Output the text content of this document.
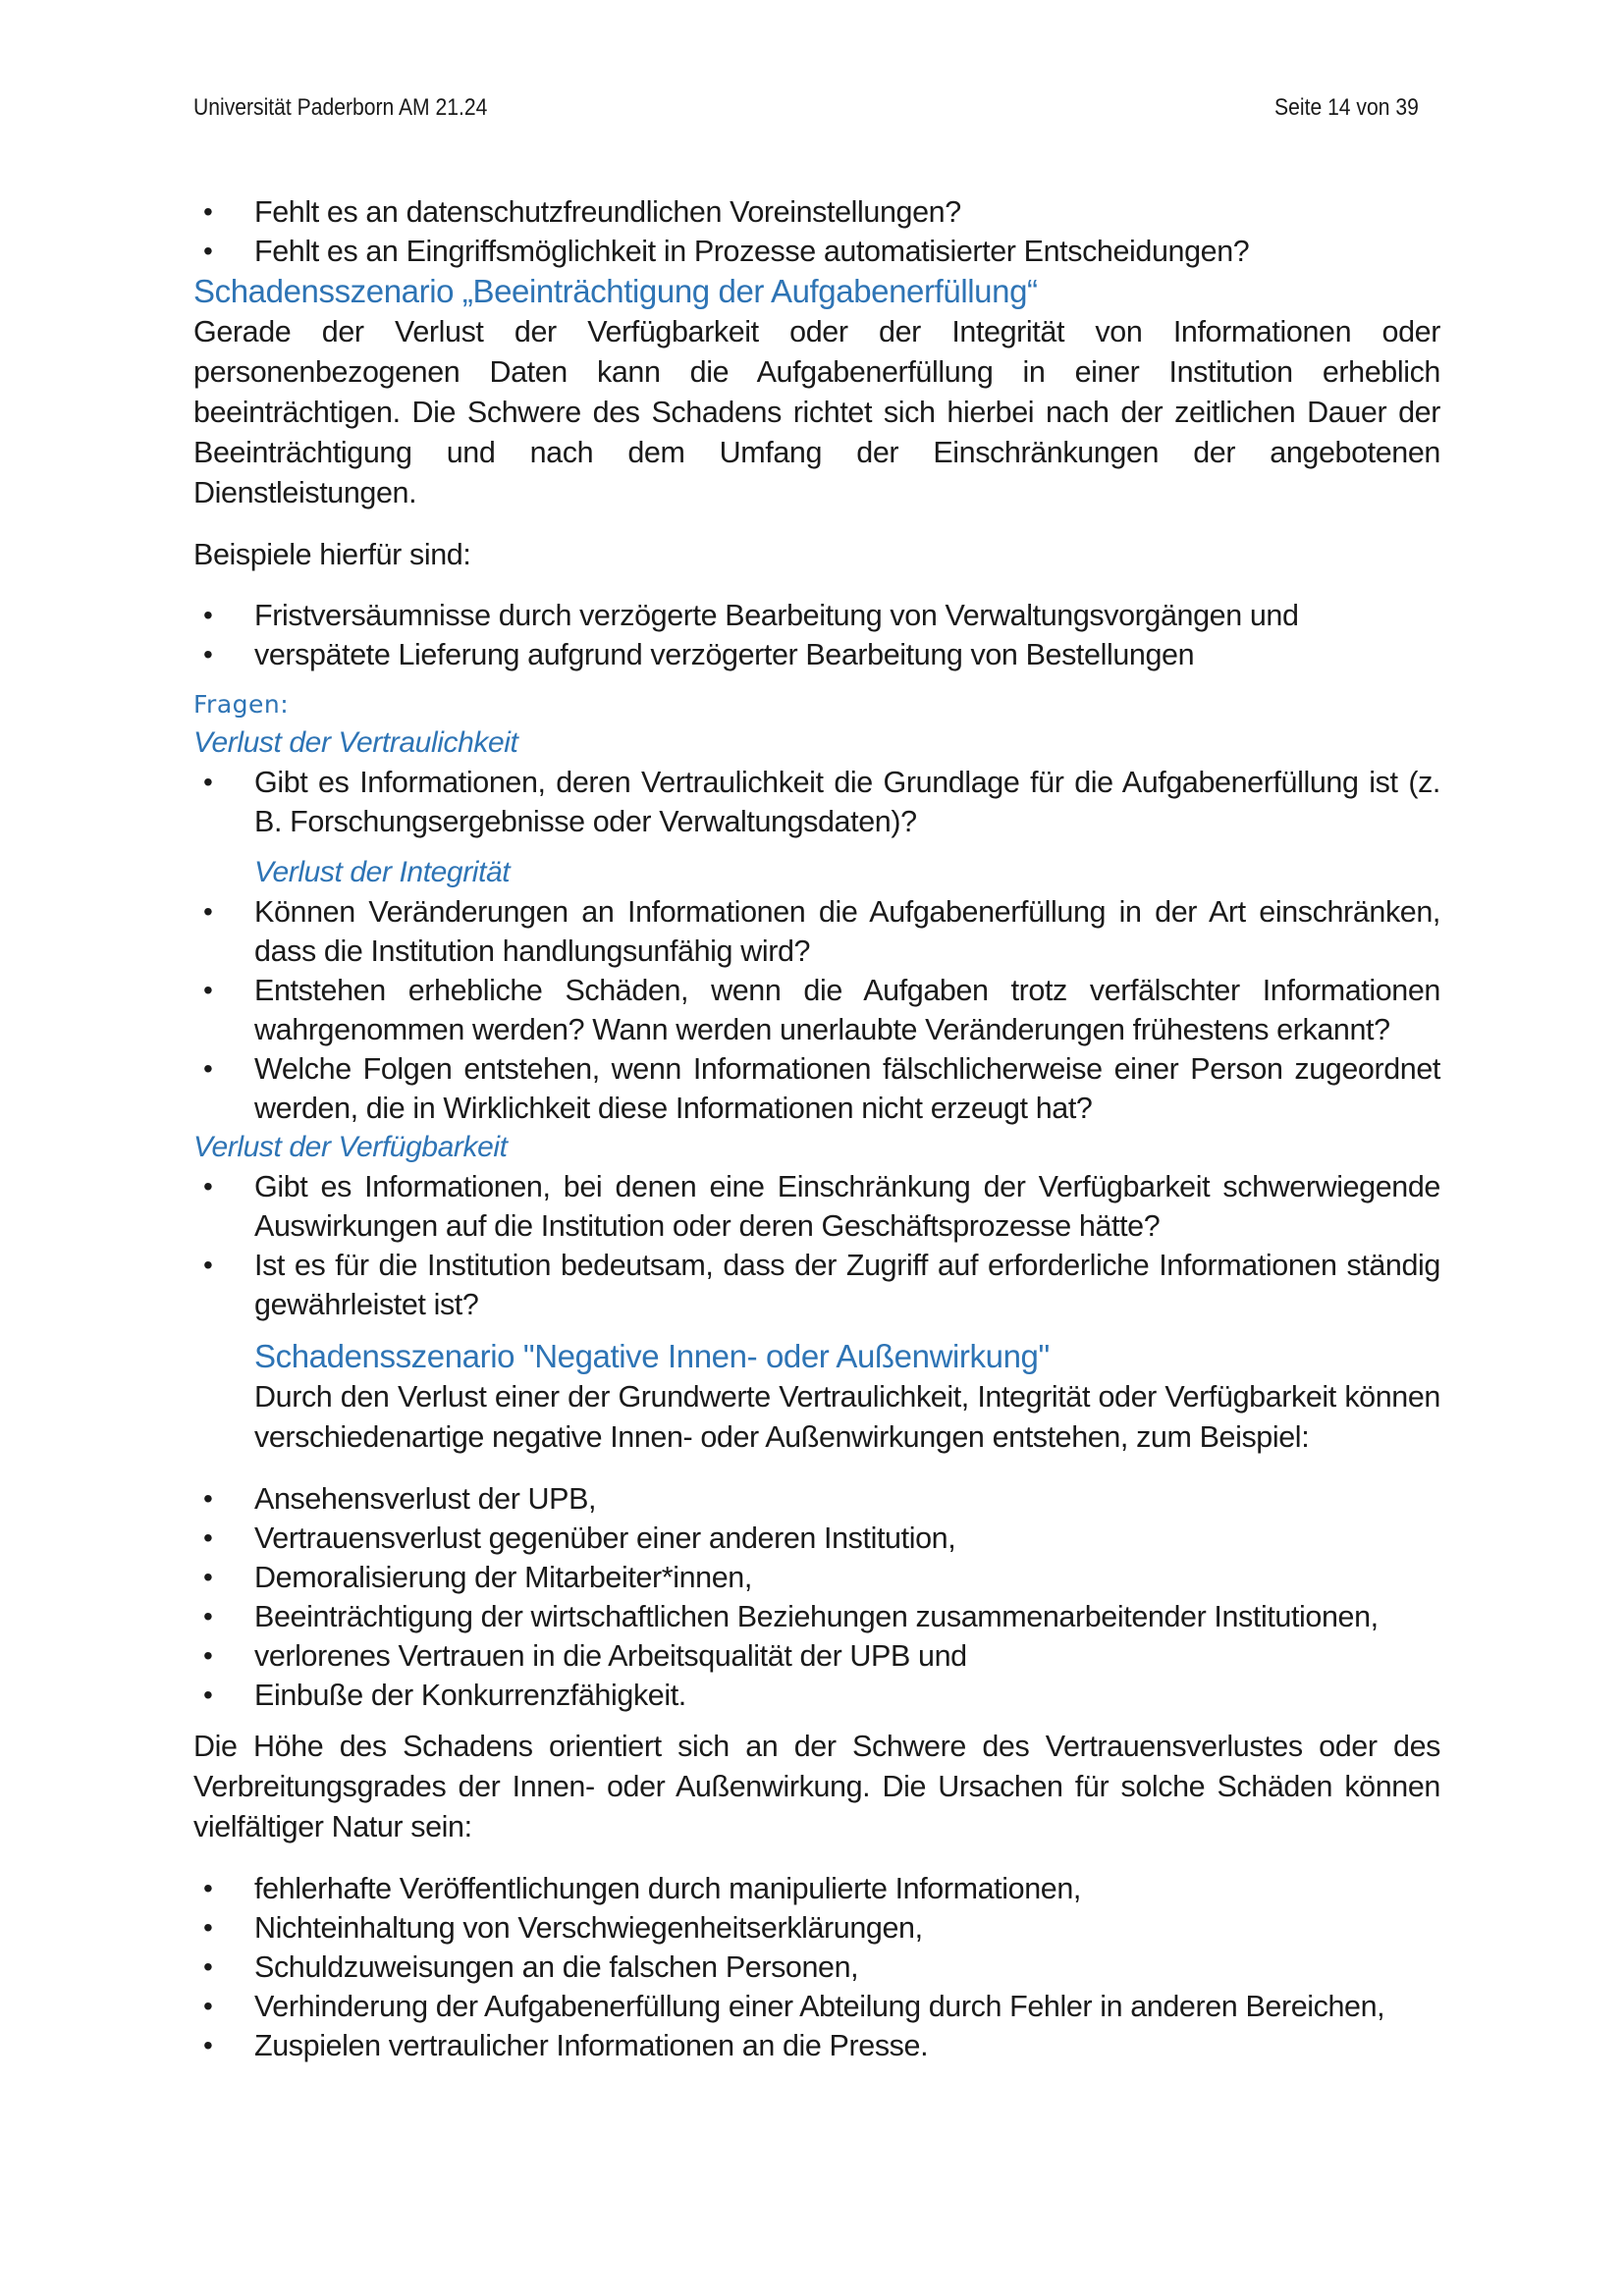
Universität Paderborn AM 21.24	Seite 14 von 39
• Fehlt es an datenschutzfreundlichen Voreinstellungen?
• Fehlt es an Eingriffsmöglichkeit in Prozesse automatisierter Entscheidungen?
Schadensszenario „Beeinträchtigung der Aufgabenerfüllung“

Gerade der Verlust der Verfügbarkeit oder der Integrität von Informationen oder personenbezogenen Daten kann die Aufgabenerfüllung in einer Institution erheblich beeinträchtigen. Die Schwere des Schadens richtet sich hierbei nach der zeitlichen Dauer der Beeinträchtigung und nach dem Umfang der Einschränkungen der angebotenen Dienstleistungen.

Beispiele hierfür sind:

• Fristversäumnisse durch verzögerte Bearbeitung von Verwaltungsvorgängen und
• verspätete Lieferung aufgrund verzögerter Bearbeitung von Bestellungen
Fragen:
Verlust der Vertraulichkeit
• Gibt es Informationen, deren Vertraulichkeit die Grundlage für die Aufgabenerfüllung ist (z. B. Forschungsergebnisse oder Verwaltungsdaten)?
Verlust der Integrität
• Können Veränderungen an Informationen die Aufgabenerfüllung in der Art einschränken, dass die Institution handlungsunfähig wird?
• Entstehen erhebliche Schäden, wenn die Aufgaben trotz verfälschter Informationen wahrgenommen werden? Wann werden unerlaubte Veränderungen frühestens erkannt?
• Welche Folgen entstehen, wenn Informationen fälschlicherweise einer Person zugeordnet werden, die in Wirklichkeit diese Informationen nicht erzeugt hat?
Verlust der Verfügbarkeit
• Gibt es Informationen, bei denen eine Einschränkung der Verfügbarkeit schwerwiegende Auswirkungen auf die Institution oder deren Geschäftsprozesse hätte?
• Ist es für die Institution bedeutsam, dass der Zugriff auf erforderliche Informationen ständig gewährleistet ist?
Schadensszenario "Negative Innen- oder Außenwirkung"

Durch den Verlust einer der Grundwerte Vertraulichkeit, Integrität oder Verfügbarkeit können verschiedenartige negative Innen- oder Außenwirkungen entstehen, zum Beispiel:

• Ansehensverlust der UPB,
• Vertrauensverlust gegenüber einer anderen Institution,
• Demoralisierung der Mitarbeiter*innen,
• Beeinträchtigung der wirtschaftlichen Beziehungen zusammenarbeitender Institutionen,
• verlorenes Vertrauen in die Arbeitsqualität der UPB und
• Einbuße der Konkurrenzfähigkeit.

Die Höhe des Schadens orientiert sich an der Schwere des Vertrauensverlustes oder des Verbreitungsgrades der Innen- oder Außenwirkung. Die Ursachen für solche Schäden können vielfältiger Natur sein:

• fehlerhafte Veröffentlichungen durch manipulierte Informationen,
• Nichteinhaltung von Verschwiegenheitserklärungen,
• Schuldzuweisungen an die falschen Personen,
• Verhinderung der Aufgabenerfüllung einer Abteilung durch Fehler in anderen Bereichen,
• Zuspielen vertraulicher Informationen an die Presse.
